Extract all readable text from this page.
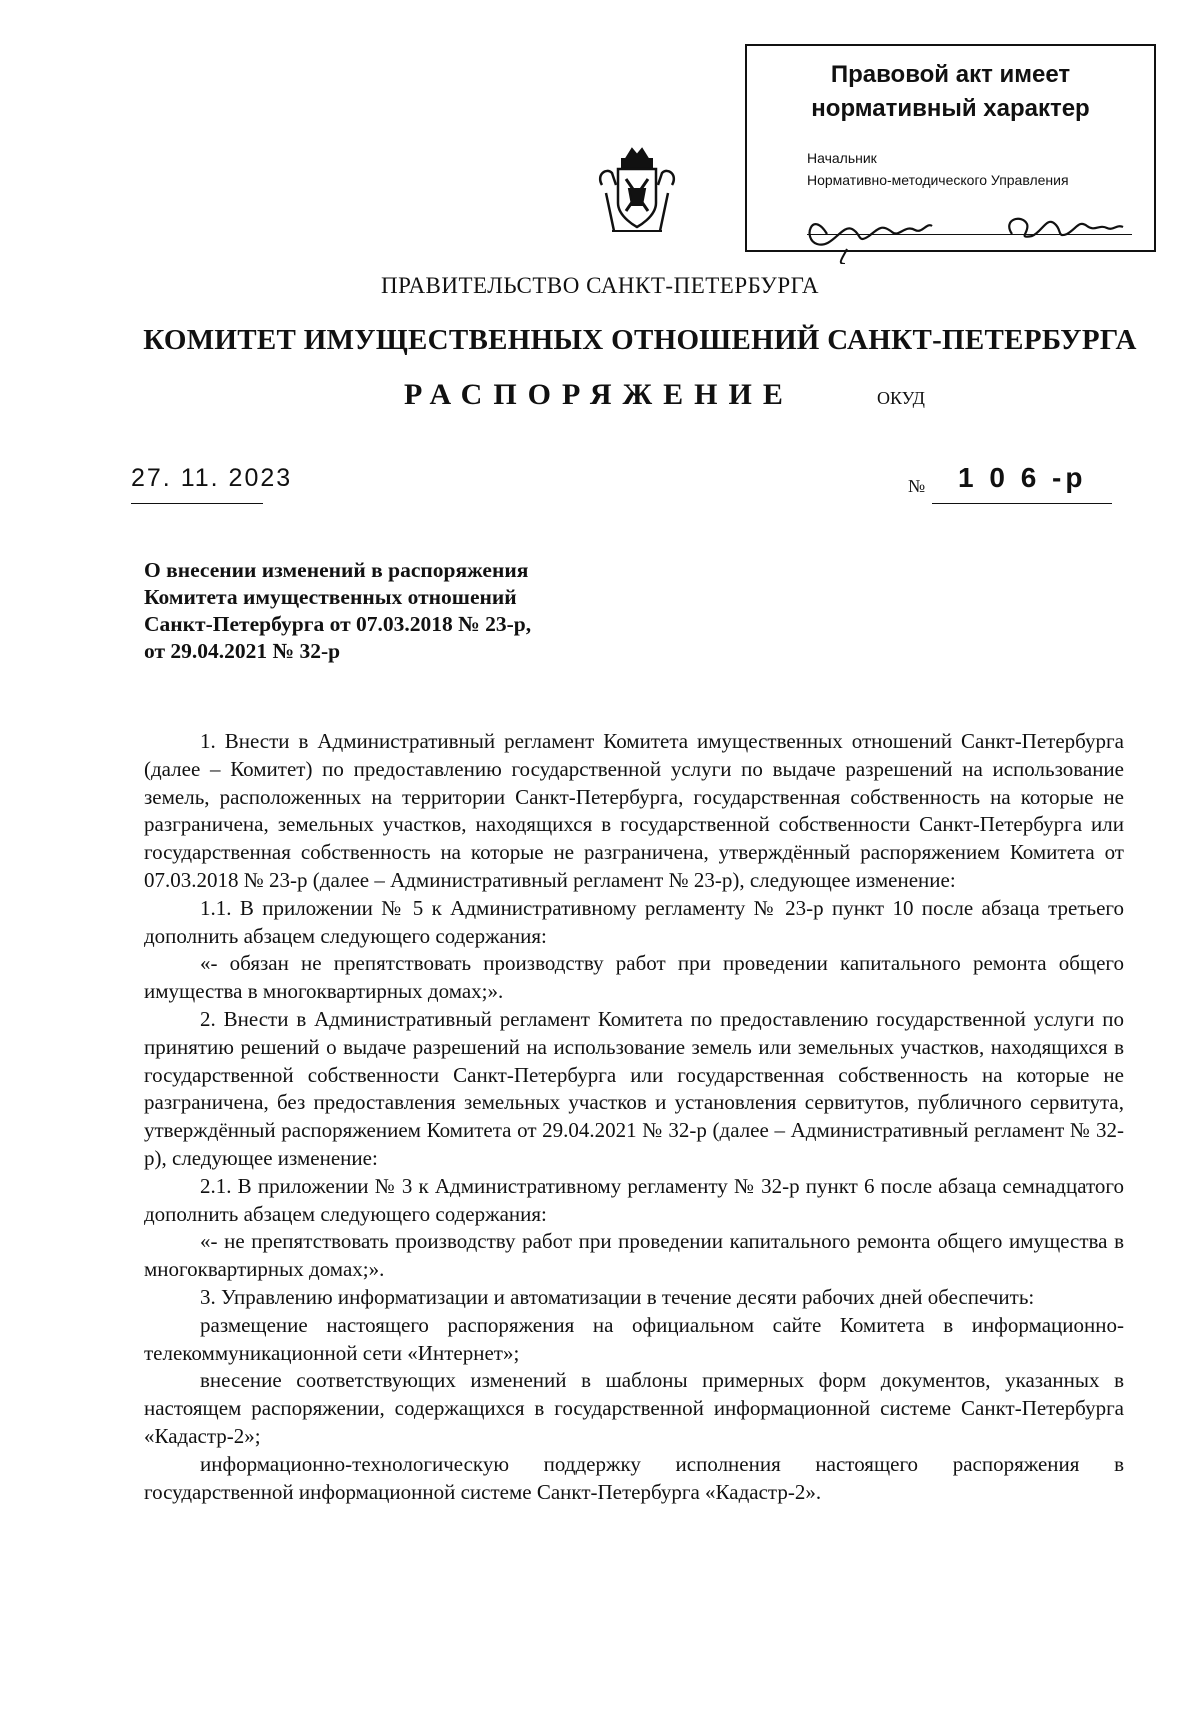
Правовой акт имеет
нормативный характер
Начальник
Нормативно-методического Управления
ПРАВИТЕЛЬСТВО САНКТ-ПЕТЕРБУРГА
КОМИТЕТ ИМУЩЕСТВЕННЫХ ОТНОШЕНИЙ САНКТ-ПЕТЕРБУРГА
РАСПОРЯЖЕНИЕ	ОКУД
27. 11. 2023	№ 1 0 6 -р
О внесении изменений в распоряжения
Комитета имущественных отношений
Санкт-Петербурга от 07.03.2018 № 23-р,
от 29.04.2021 № 32-р

1. Внести в Административный регламент Комитета имущественных отношений Санкт-Петербурга (далее – Комитет) по предоставлению государственной услуги по выдаче разрешений на использование земель, расположенных на территории Санкт-Петербурга, государственная собственность на которые не разграничена, земельных участков, находящихся в государственной собственности Санкт-Петербурга или государственная собственность на которые не разграничена, утверждённый распоряжением Комитета от 07.03.2018 № 23-р (далее – Административный регламент № 23-р), следующее изменение:

1.1. В приложении № 5 к Административному регламенту № 23-р пункт 10 после абзаца третьего дополнить абзацем следующего содержания:

«- обязан не препятствовать производству работ при проведении капитального ремонта общего имущества в многоквартирных домах;».

2. Внести в Административный регламент Комитета по предоставлению государственной услуги по принятию решений о выдаче разрешений на использование земель или земельных участков, находящихся в государственной собственности Санкт-Петербурга или государственная собственность на которые не разграничена, без предоставления земельных участков и установления сервитутов, публичного сервитута, утверждённый распоряжением Комитета от 29.04.2021 № 32-р (далее – Административный регламент № 32-р), следующее изменение:

2.1. В приложении № 3 к Административному регламенту № 32-р пункт 6 после абзаца семнадцатого дополнить абзацем следующего содержания:

«- не препятствовать производству работ при проведении капитального ремонта общего имущества в многоквартирных домах;».

3. Управлению информатизации и автоматизации в течение десяти рабочих дней обеспечить:

размещение настоящего распоряжения на официальном сайте Комитета в информационно-телекоммуникационной сети «Интернет»;

внесение соответствующих изменений в шаблоны примерных форм документов, указанных в настоящем распоряжении, содержащихся в государственной информационной системе Санкт-Петербурга «Кадастр-2»;

информационно-технологическую поддержку исполнения настоящего распоряжения в государственной информационной системе Санкт-Петербурга «Кадастр-2».
